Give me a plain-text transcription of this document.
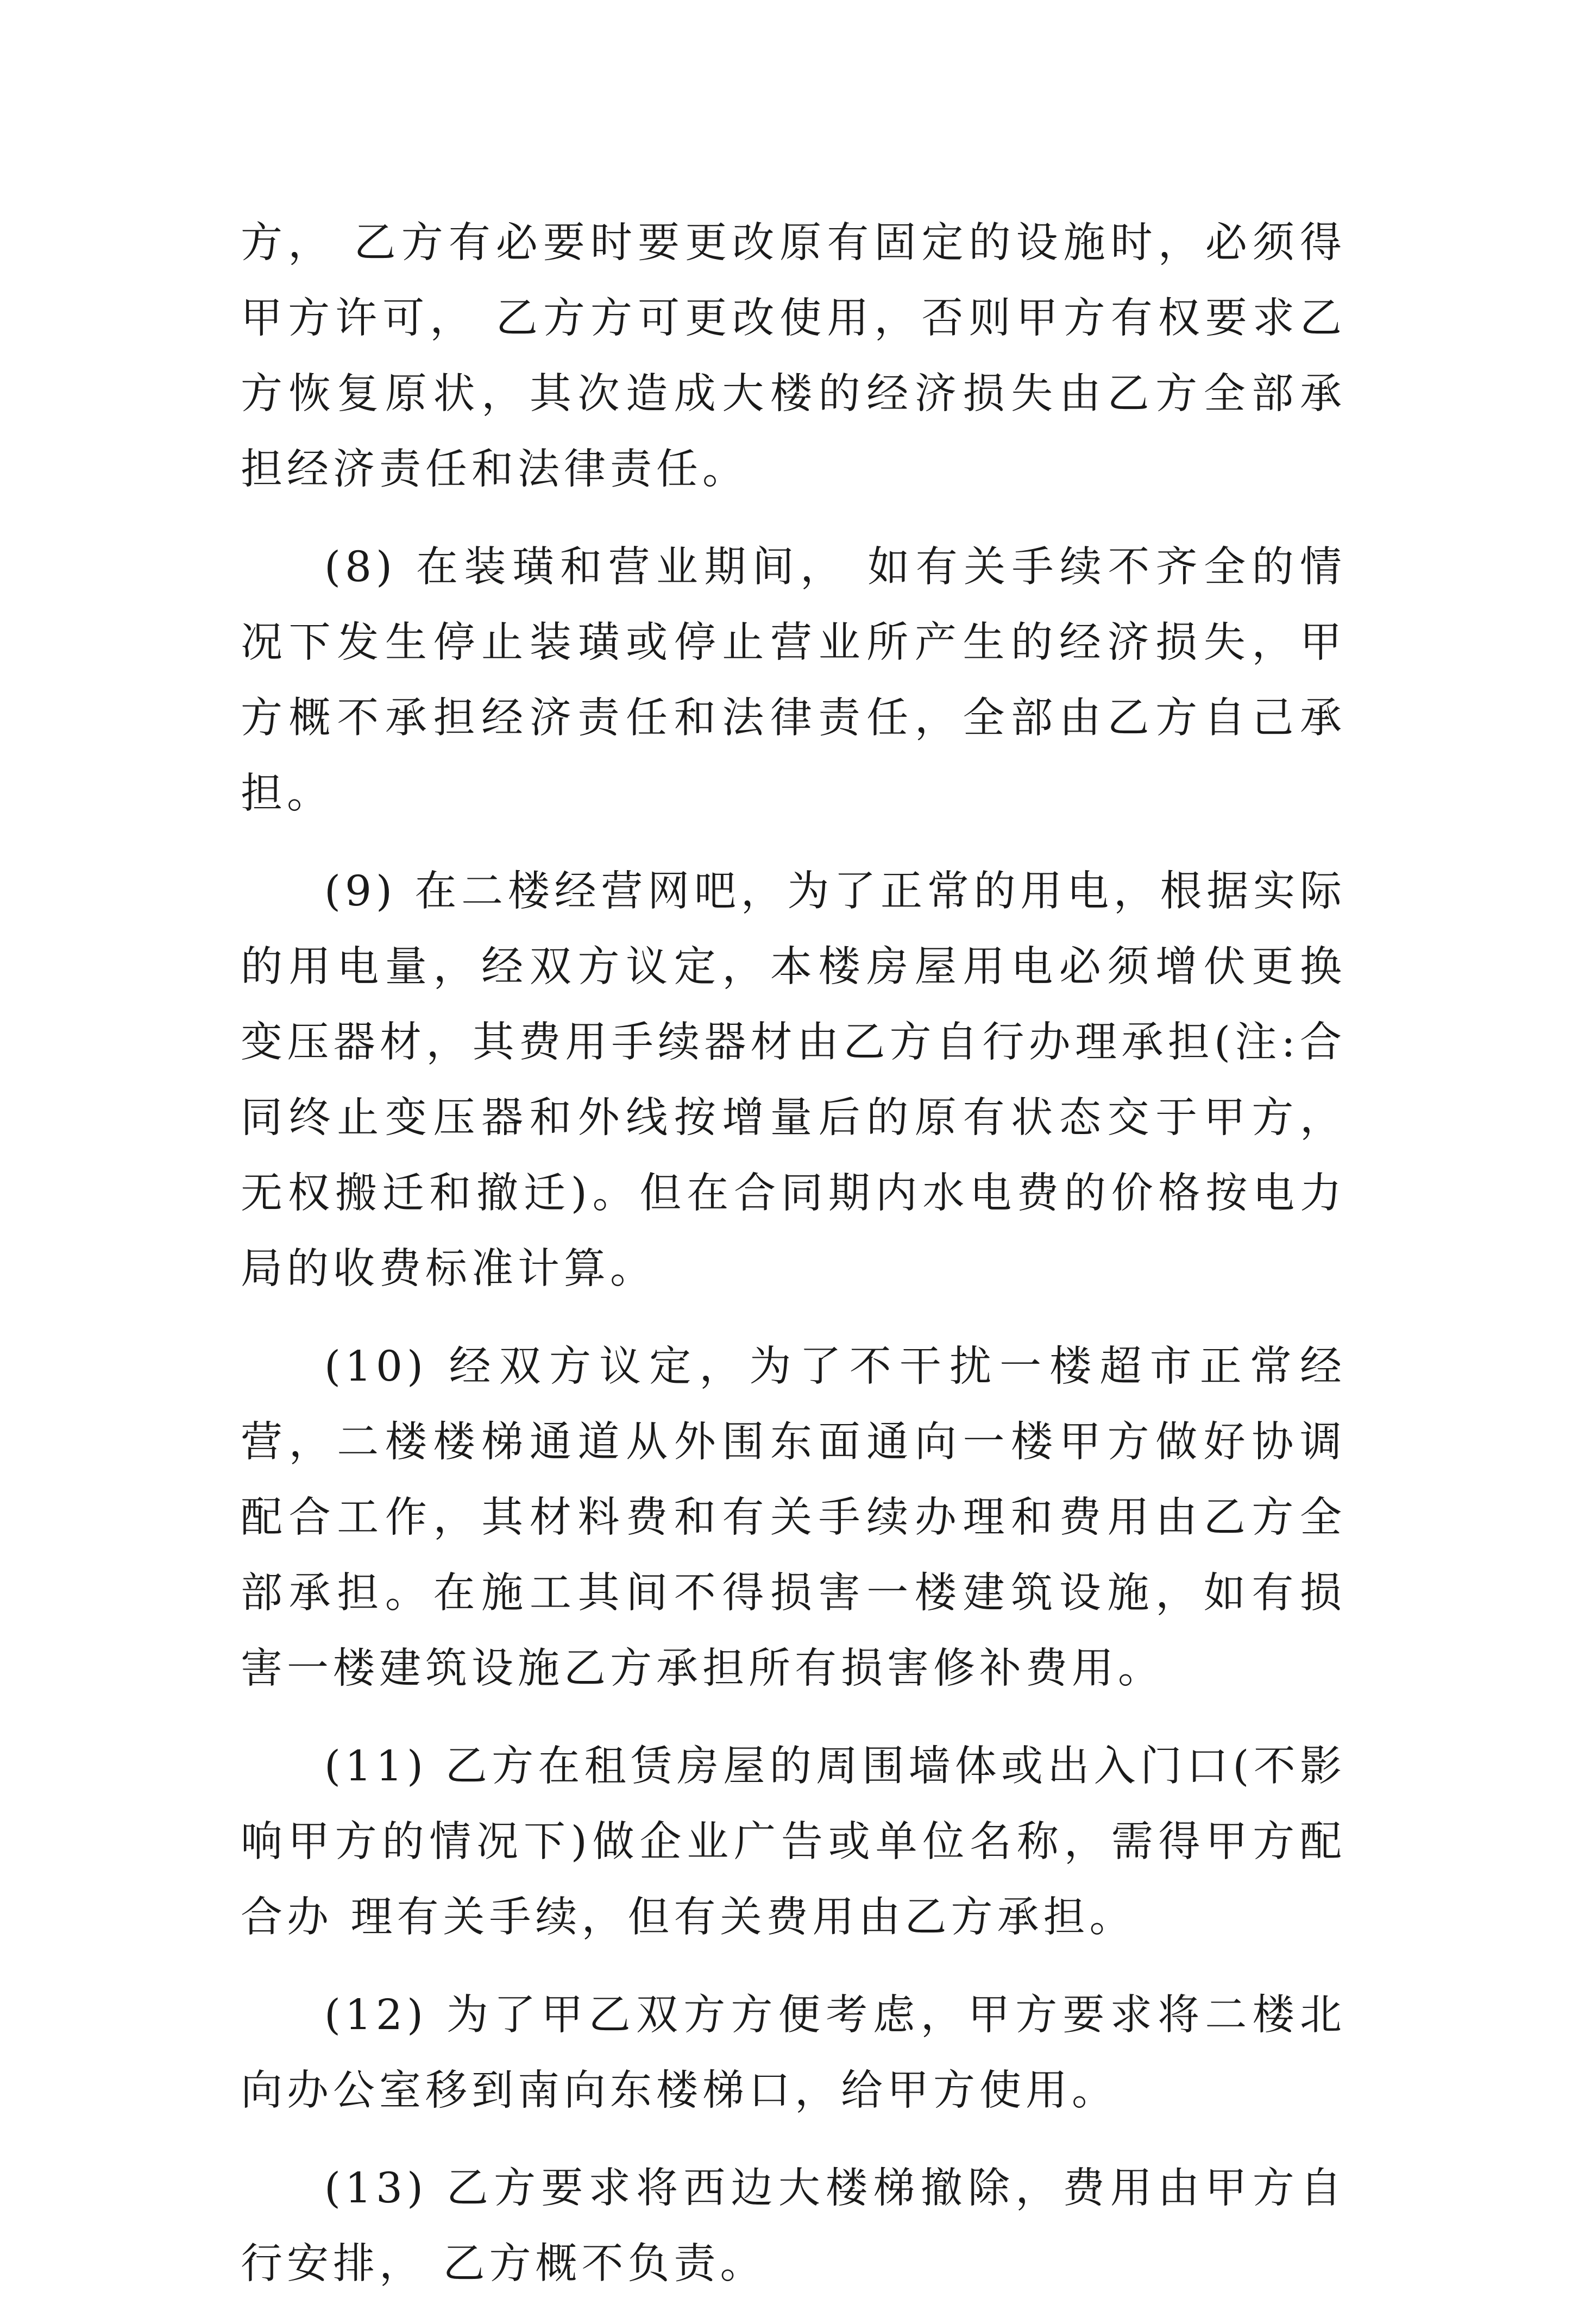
方， 乙方有必要时要更改原有固定的设施时，必须得甲方许可， 乙方方可更改使用，否则甲方有权要求乙方恢复原状，其次造成大楼的经济损失由乙方全部承担经济责任和法律责任。

(8) 在装璜和营业期间， 如有关手续不齐全的情况下发生停止装璜或停止营业所产生的经济损失，甲方概不承担经济责任和法律责任，全部由乙方自己承担。

(9) 在二楼经营网吧，为了正常的用电，根据实际的用电量，经双方议定，本楼房屋用电必须增伏更换变压器材，其费用手续器材由乙方自行办理承担(注:合同终止变压器和外线按增量后的原有状态交于甲方，无权搬迁和撤迁)。但在合同期内水电费的价格按电力局的收费标准计算。

(10) 经双方议定，为了不干扰一楼超市正常经营，二楼楼梯通道从外围东面通向一楼甲方做好协调配合工作，其材料费和有关手续办理和费用由乙方全部承担。在施工其间不得损害一楼建筑设施，如有损害一楼建筑设施乙方承担所有损害修补费用。

(11) 乙方在租赁房屋的周围墙体或出入门口(不影响甲方的情况下)做企业广告或单位名称，需得甲方配合办 理有关手续，但有关费用由乙方承担。

(12) 为了甲乙双方方便考虑，甲方要求将二楼北向办公室移到南向东楼梯口，给甲方使用。

(13) 乙方要求将西边大楼梯撤除，费用由甲方自行安排， 乙方概不负责。
